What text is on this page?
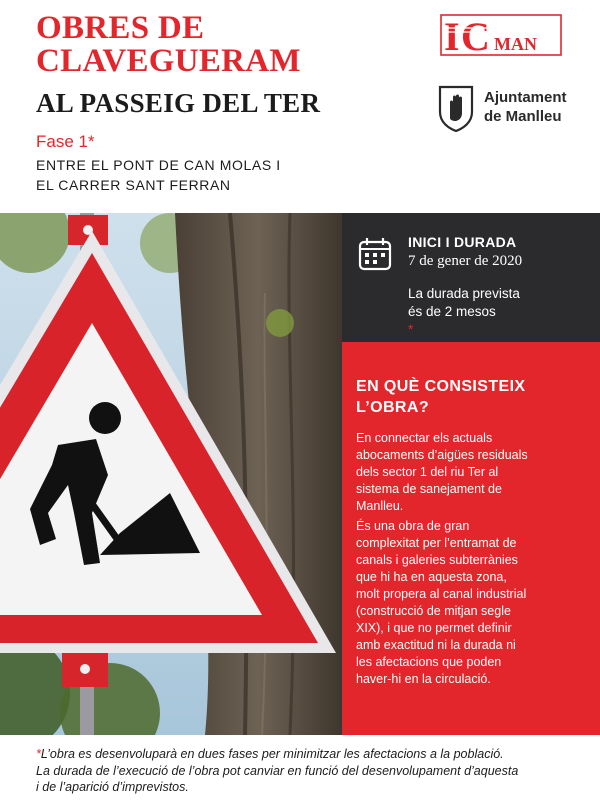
OBRES DE
CLAVEGUERAM
AL PASSEIG DEL TER
Fase 1*
ENTRE EL PONT DE CAN MOLAS I
EL CARRER SANT FERRAN
I C MAN
Ajuntament
de Manlleu
INICI I DURADA
7 de gener de 2020
La durada prevista
és de 2 mesos
*
EN QUÈ CONSISTEIX
L’OBRA?
En connectar els actuals
abocaments d’aigües residuals
dels sector 1 del riu Ter al
sistema de sanejament de
Manlleu.
És una obra de gran
complexitat per l’entramat de
canals i galeries subterrànies
que hi ha en aquesta zona,
molt propera al canal industrial
(construcció de mitjan segle
XIX), i que no permet definir
amb exactitud ni la durada ni
les afectacions que poden
haver-hi en la circulació.
*L’obra es desenvoluparà en dues fases per minimitzar les afectacions a la població.
La durada de l’execució de l’obra pot canviar en funció del desenvolupament d’aquesta
i de l’aparició d’imprevistos.
